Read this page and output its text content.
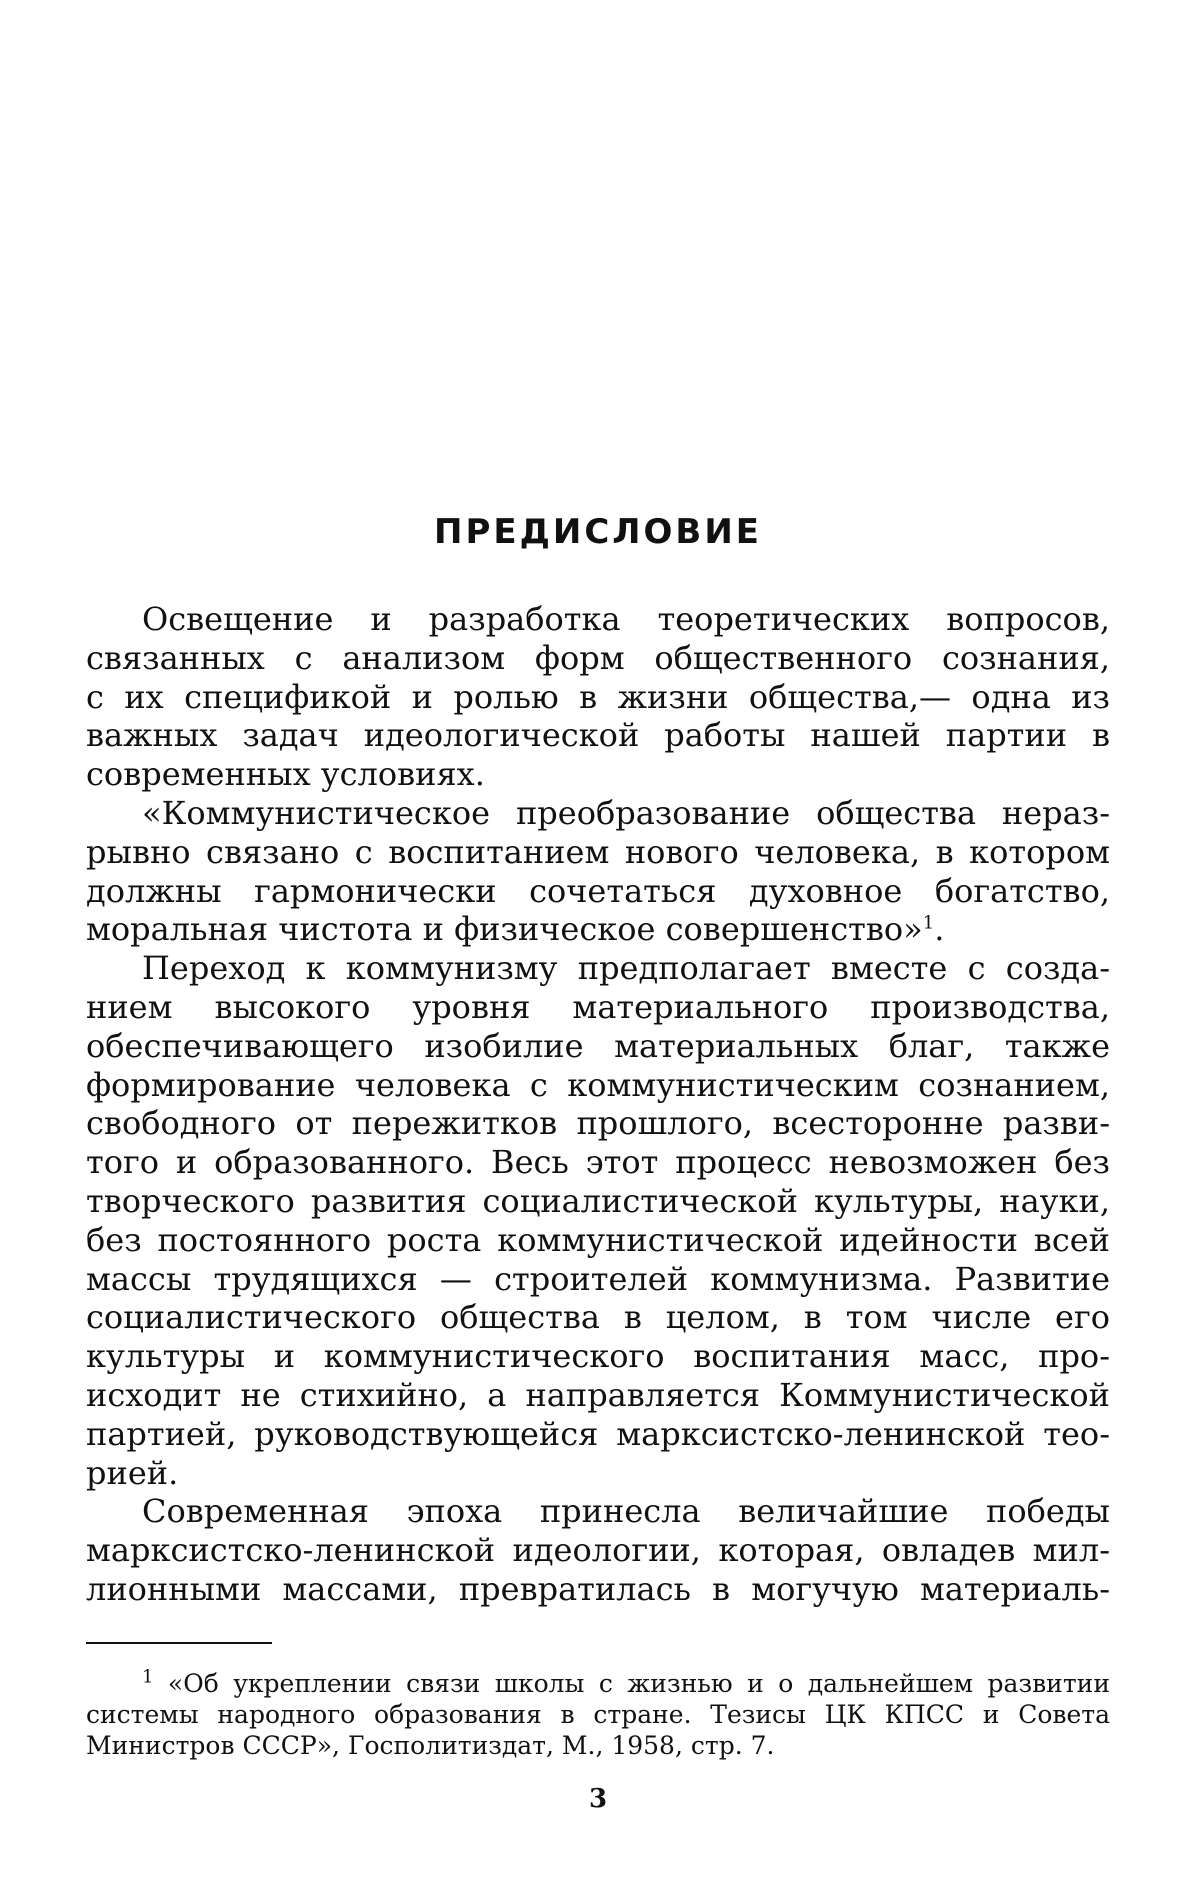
ПРЕДИСЛОВИЕ

Освещение и разработка теоретических вопросов,
связанных с анализом форм общественного сознания,
с их спецификой и ролью в жизни общества,— одна из
важных задач идеологической работы нашей партии в
современных условиях.

«Коммунистическое преобразование общества нераз-
рывно связано с воспитанием нового человека, в котором
должны гармонически сочетаться духовное богатство,
моральная чистота и физическое совершенство»$^1$.

Переход к коммунизму предполагает вместе с созда-
нием высокого уровня материального производства,
обеспечивающего изобилие материальных благ, также
формирование человека с коммунистическим сознанием,
свободного от пережитков прошлого, всесторонне разви-
того и образованного. Весь этот процесс невозможен без
творческого развития социалистической культуры, науки,
без постоянного роста коммунистической идейности всей
массы трудящихся — строителей коммунизма. Развитие
социалистического общества в целом, в том числе его
культуры и коммунистического воспитания масс, про-
исходит не стихийно, а направляется Коммунистической
партией, руководствующейся марксистско-ленинской тео-
рией.

Современная эпоха принесла величайшие победы
марксистско-ленинской идеологии, которая, овладев мил-
лионными массами, превратилась в могучую материаль-

$^1$ «Об укреплении связи школы с жизнью и о дальнейшем развитии системы народного образования в стране. Тезисы ЦК КПСС и Совета Министров СССР», Госполитиздат, М., 1958, стр. 7.

3
